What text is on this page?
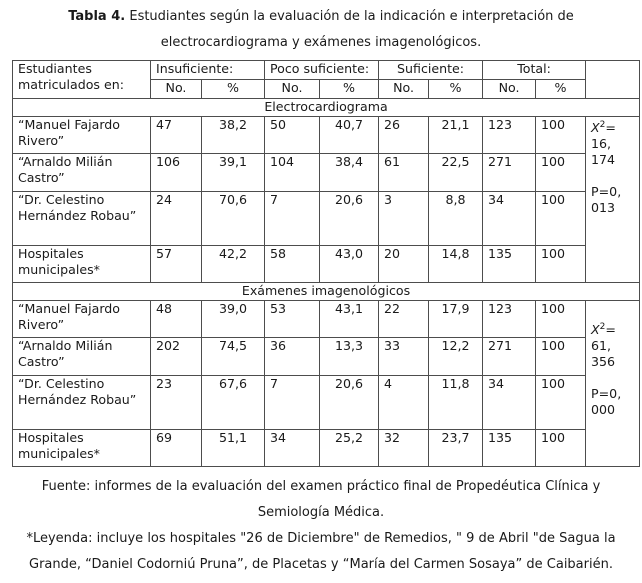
Tabla 4. Estudiantes según la evaluación de la indicación e interpretación de
electrocardiograma y exámenes imagenológicos.
Estudiantes matriculados en:	Insuficiente:		Poco suficiente:		Suficiente:		Total:		
	No.	%	No.	%	No.	%	No.	%	
Electrocardiograma									
“Manuel Fajardo Rivero”	47	38,2	50	40,7	26	21,1	123	100	$X^2= 16$, 174
P=0, 013

“Arnaldo Milián Castro”	106	39,1	104	38,4	61	22,5	271	100	
“Dr. Celestino Hernández Robau”	24	70,6	7	20,6	3	8,8	34	100	
Hospitales municipales*	57	42,2	58	43,0	20	14,8	135	100	
Exámenes imagenológicos									
“Manuel Fajardo Rivero”	48	39,0	53	43,1	22	17,9	123	100	$X^2= 61$, 356
P=0, 000

“Arnaldo Milián Castro”	202	74,5	36	13,3	33	12,2	271	100	
“Dr. Celestino Hernández Robau”	23	67,6	7	20,6	4	11,8	34	100	
Hospitales municipales*	69	51,1	34	25,2	32	23,7	135	100	
Fuente: informes de la evaluación del examen práctico final de Propedéutica Clínica y
Semiología Médica.
*Leyenda: incluye los hospitales "26 de Diciembre" de Remedios, " 9 de Abril "de Sagua la
Grande, “Daniel Codorniú Pruna”, de Placetas y “María del Carmen Sosaya” de Caibarién.
